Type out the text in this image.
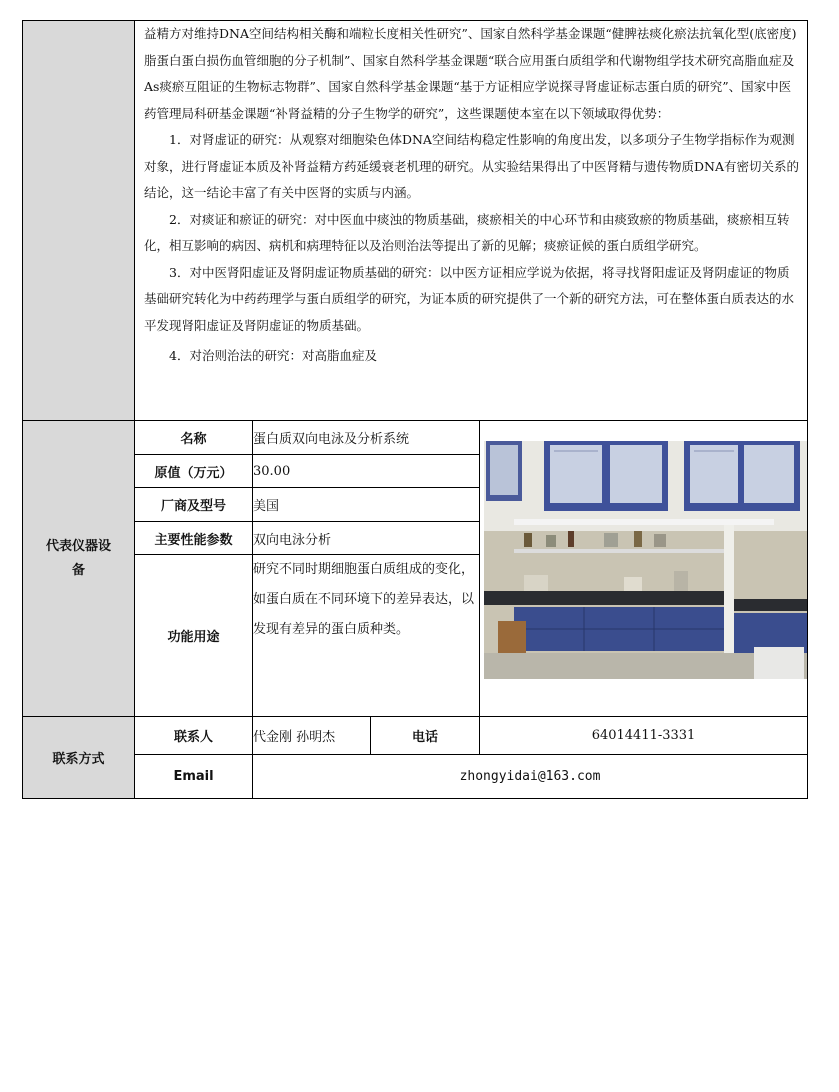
	益精方对维持DNA空间结构相关酶和端粒长度相关性研究”、国家自然科学基金课题“健脾祛痰化瘀法抗氧化型(底密度)脂蛋白蛋白损伤血管细胞的分子机制”、国家自然科学基金课题“联合应用蛋白质组学和代谢物组学技术研究高脂血症及As痰瘀互阻证的生物标志物群”、国家自然科学基金课题“基于方证相应学说探寻肾虚证标志蛋白质的研究”、国家中医药管理局科研基金课题“补肾益精的分子生物学的研究”，这些课题使本室在以下领域取得优势：
1．对肾虚证的研究：从观察对细胞染色体DNA空间结构稳定性影响的角度出发，以多项分子生物学指标作为观测对象，进行肾虚证本质及补肾益精方药延缓衰老机理的研究。从实验结果得出了中医肾精与遗传物质DNA有密切关系的结论，这一结论丰富了有关中医肾的实质与内涵。
2．对痰证和瘀证的研究：对中医血中痰浊的物质基础，痰瘀相关的中心环节和由痰致瘀的物质基础，痰瘀相互转化，相互影响的病因、病机和病理特征以及治则治法等提出了新的见解；痰瘀证候的蛋白质组学研究。
3．对中医肾阳虚证及肾阴虚证物质基础的研究：以中医方证相应学说为依据，将寻找肾阳虚证及肾阴虚证的物质基础研究转化为中药药理学与蛋白质组学的研究，为证本质的研究提供了一个新的研究方法，可在整体蛋白质表达的水平发现肾阳虚证及肾阴虚证的物质基础。
4．对治则治法的研究：对高脂血症及			

代表仪器设备	名称	蛋白质双向电泳及分析系统	

	原值（万元）	30.00		
	厂商及型号	美国		
	主要性能参数	双向电泳分析		
	功能用途	研究不同时期细胞蛋白质组成的变化，如蛋白质在不同环境下的差异表达，以发现有差异的蛋白质种类。		
联系方式	联系人	代金刚 孙明杰	电话	64014411-3331
	Email	zhongyidai@163.com		
